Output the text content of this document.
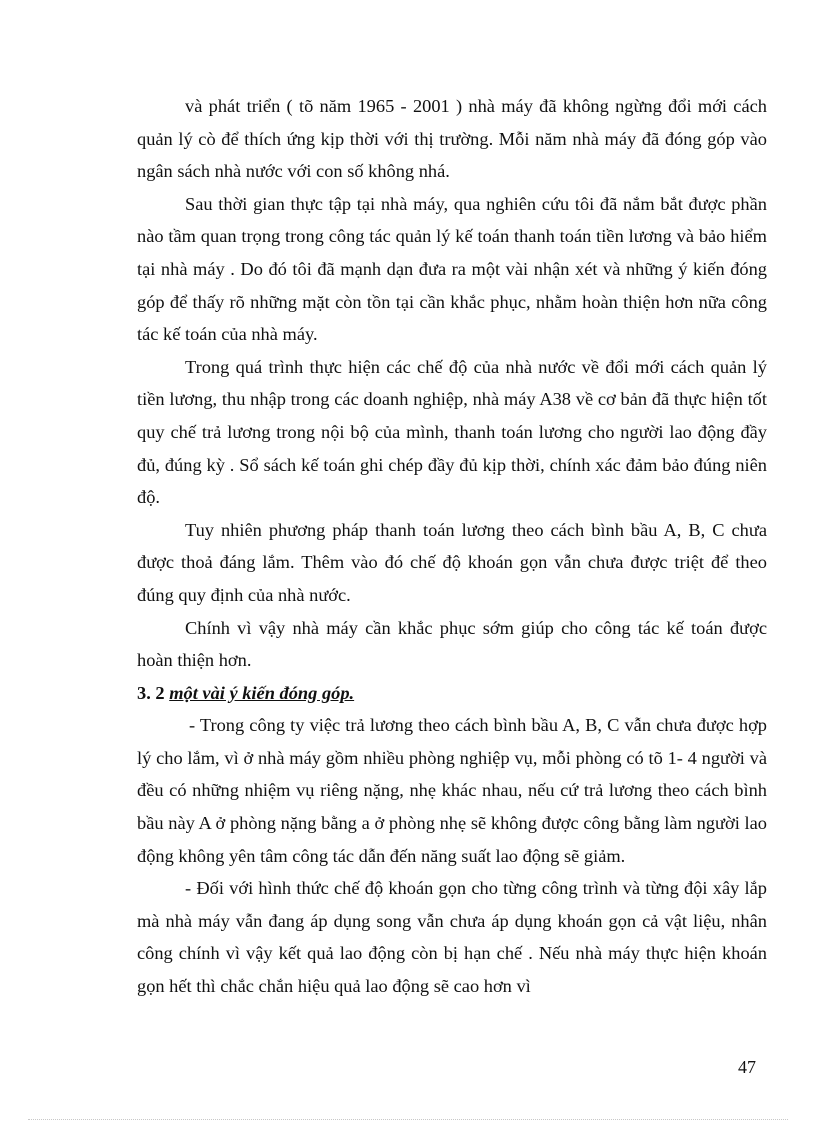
và phát triển ( tõ năm 1965 - 2001 ) nhà máy đã không ngừng đổi mới cách quản lý cò để thích ứng kịp thời với thị trường. Mỗi năm nhà máy đã đóng góp vào ngân sách nhà nước với con số không nhá.

Sau thời gian thực tập tại nhà máy, qua nghiên cứu tôi đã nắm bắt được phần nào tầm quan trọng trong công tác quản lý kế toán thanh toán tiền lương và bảo hiểm tại nhà máy . Do đó tôi đã mạnh dạn đưa ra một vài nhận xét và những ý kiến đóng góp để thấy rõ những mặt còn tồn tại cần khắc phục, nhằm hoàn thiện hơn nữa công tác kế toán của nhà máy.

Trong quá trình thực hiện các chế độ của nhà nước về đổi mới cách quản lý tiền lương, thu nhập trong các doanh nghiệp, nhà máy A38 về cơ bản đã thực hiện tốt quy chế trả lương trong nội bộ của mình, thanh toán lương cho người lao động đầy đủ, đúng kỳ . Sổ sách kế toán ghi chép đầy đủ kịp thời, chính xác đảm bảo đúng niên độ.

Tuy nhiên phương pháp thanh toán lương theo cách bình bầu A, B, C chưa được thoả đáng lắm. Thêm vào đó chế độ khoán gọn vẫn chưa được triệt để theo đúng quy định của nhà nước.

Chính vì vậy nhà máy cần khắc phục sớm giúp cho công tác kế toán được hoàn thiện hơn.

3. 2 một vài ý kiến đóng góp.

- Trong công ty việc trả lương theo cách bình bầu A, B, C vẫn chưa được hợp lý cho lắm, vì ở nhà máy gồm nhiều phòng nghiệp vụ, mỗi phòng có tõ 1- 4 người và đều có những nhiệm vụ riêng nặng, nhẹ khác nhau, nếu cứ trả lương theo cách bình bầu này A ở phòng nặng bằng a ở phòng nhẹ sẽ không được công bằng làm người lao động không yên tâm công tác dẫn đến năng suất lao động sẽ giảm.

- Đối với hình thức chế độ khoán gọn cho từng công trình và từng đội xây lắp mà nhà máy vẫn đang áp dụng song vẫn chưa áp dụng khoán gọn cả vật liệu, nhân công chính vì vậy kết quả lao động còn bị hạn chế . Nếu nhà máy thực hiện khoán gọn hết thì chắc chắn hiệu quả lao động sẽ cao hơn vì

47
